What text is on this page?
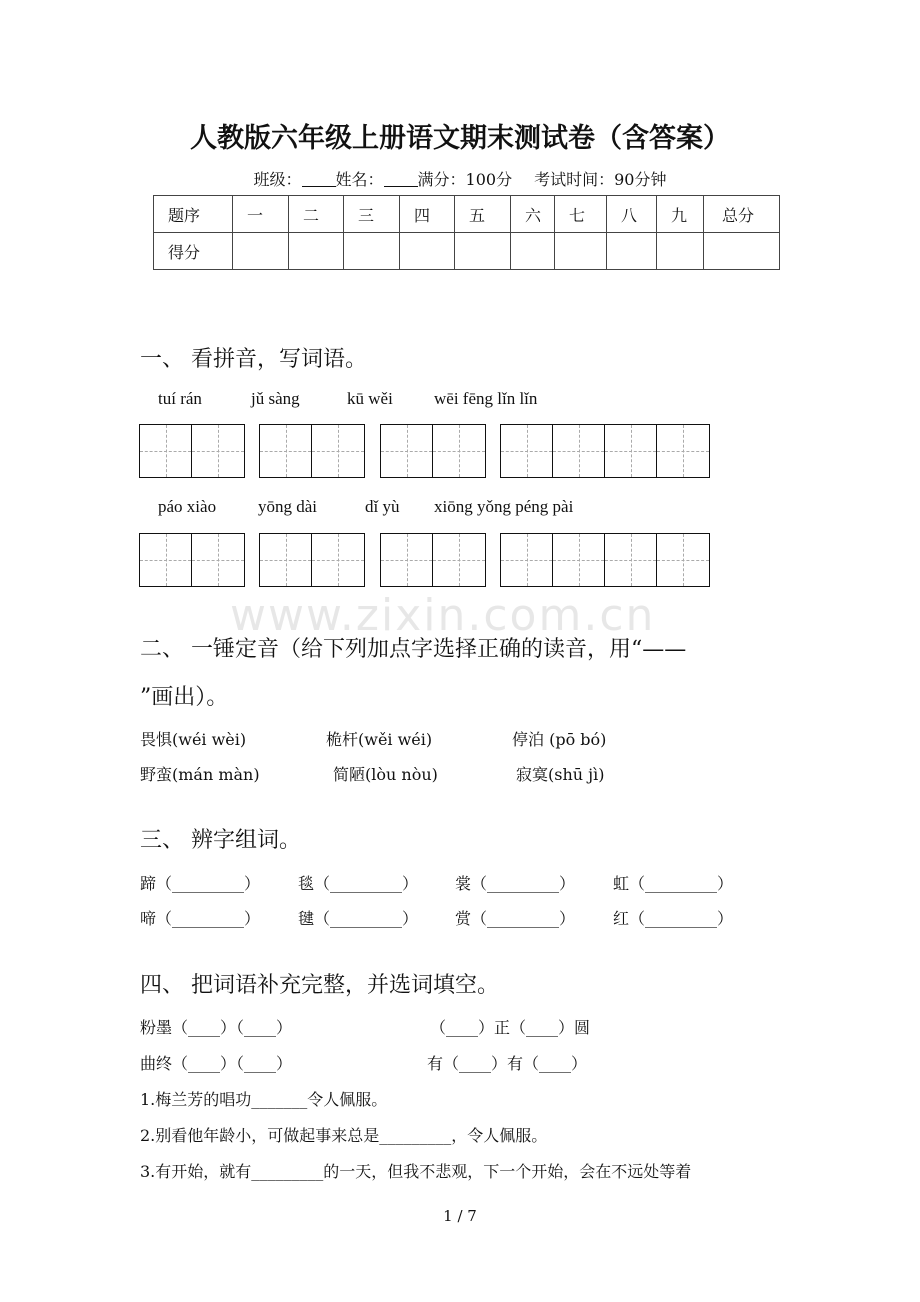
人教版六年级上册语文期末测试卷（含答案）
班级： 姓名： 满分：100分 考试时间：90分钟
题序	一	二	三	四	五	六	七	八	九	总分
得分										
一、 看拼音，写词语。
tuí rán	jǔ sàng	kū wěi wēi fēng lǐn lǐn
páo xiào yōng dài	dǐ yù xiōng yǒng péng pài
www.zixin.com.cn
二、 一锤定音（给下列加点字选择正确的读音，用“——
”画出）。
畏惧(wéi wèi)	桅杆(wěi wéi)	停泊 (pō bó)
野蛮(mán màn)	简陋(lòu nòu)	寂寞(shū jì)
三、 辨字组词。
蹄（_________） 毯（_________） 裳（_________） 虹（_________）
啼（_________） 毽（_________） 赏（_________） 红（_________）
四、 把词语补充完整，并选词填空。
粉墨（____）（____）	（____）正（____）圆
曲终（____）（____）	有（____）有（____）
1.梅兰芳的唱功_______令人佩服。
2.别看他年龄小，可做起事来总是_________，令人佩服。
3.有开始，就有_________的一天，但我不悲观，下一个开始，会在不远处等着
1 / 7
